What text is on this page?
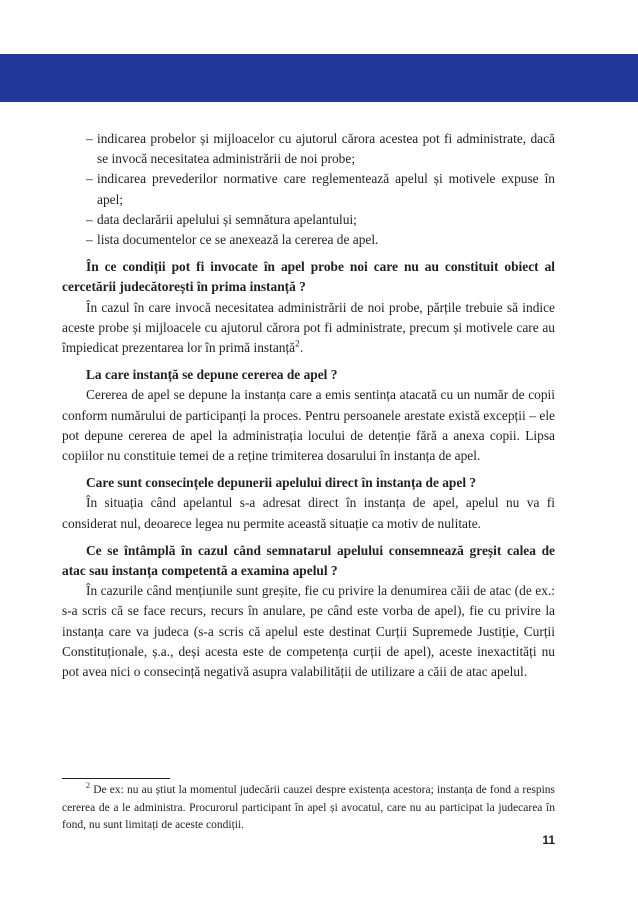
– indicarea probelor și mijloacelor cu ajutorul cărora acestea pot fi administrate, dacă se invocă necesitatea administrării de noi probe;
– indicarea prevederilor normative care reglementează apelul și motivele expuse în apel;
– data declarării apelului și semnătura apelantului;
– lista documentelor ce se anexează la cererea de apel.
În ce condiții pot fi invocate în apel probe noi care nu au constituit obiect al cercetării judecătorești în prima instanță ?
În cazul în care invocă necesitatea administrării de noi probe, părțile trebuie să indice aceste probe și mijloacele cu ajutorul cărora pot fi administrate, precum și motivele care au împiedicat prezentarea lor în primă instanță$^2$.
La care instanță se depune cererea de apel ?
Cererea de apel se depune la instanța care a emis sentința atacată cu un număr de copii conform numărului de participanți la proces. Pentru persoanele arestate există excepții – ele pot depune cererea de apel la administrația locului de detenție fără a anexa copii. Lipsa copiilor nu constituie temei de a reține trimiterea dosarului în instanța de apel.
Care sunt consecințele depunerii apelului direct în instanța de apel ?
În situația când apelantul s-a adresat direct în instanța de apel, apelul nu va fi considerat nul, deoarece legea nu permite această situație ca motiv de nulitate.
Ce se întâmplă în cazul când semnatarul apelului consemnează greșit calea de atac sau instanța competentă a examina apelul ?
În cazurile când mențiunile sunt greșite, fie cu privire la denumirea căii de atac (de ex.: s-a scris că se face recurs, recurs în anulare, pe când este vorba de apel), fie cu privire la instanța care va judeca (s-a scris că apelul este destinat Curții Supremede Justiție, Curții Constituționale, ș.a., deși acesta este de competența curții de apel), aceste inexactități nu pot avea nici o consecință negativă asupra valabilității de utilizare a căii de atac apelul.
$^2$ De ex: nu au știut la momentul judecării cauzei despre existența acestora; instanța de fond a respins cererea de a le administra. Procurorul participant în apel și avocatul, care nu au participat la judecarea în fond, nu sunt limitați de aceste condiții.
11
